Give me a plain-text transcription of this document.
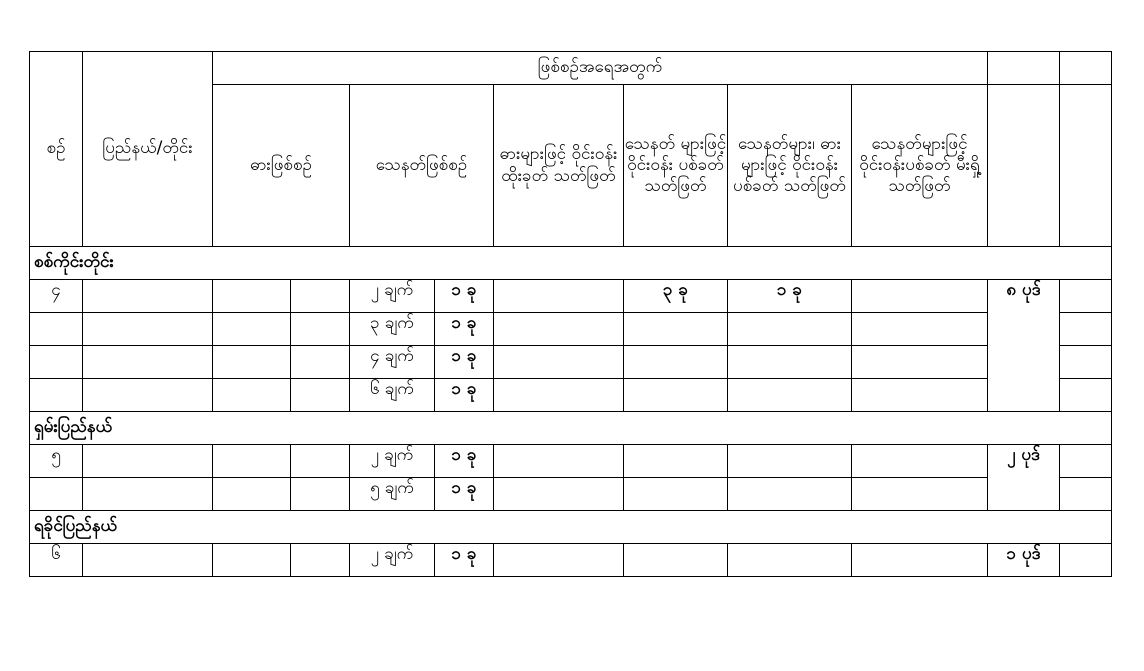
စဉ်	ပြည်နယ်/တိုင်း	ဖြစ်စဉ်အရေအတွက်									
		ဓားဖြစ်စဉ်		သေနတ်ဖြစ်စဉ်		ဓားများဖြင့် ဝိုင်းဝန်း ထိုးခုတ် သတ်ဖြတ်	သေနတ် များဖြင့် ဝိုင်းဝန်း ပစ်ခတ် သတ်ဖြတ်	သေနတ်များ၊ ဓားများဖြင့် ဝိုင်းဝန်း ပစ်ခတ် သတ်ဖြတ်	သေနတ်များဖြင့် ဝိုင်းဝန်းပစ်ခတ် မီးရှို့ သတ်ဖြတ်		
စစ်ကိုင်းတိုင်း											
၄				၂ ချက်	၁ ခု		၃ ခု	၁ ခု		၈ ပုဒ်	
				၃ ချက်	၁ ခု						
				၄ ချက်	၁ ခု						
				၆ ချက်	၁ ခု						
ရှမ်းပြည်နယ်											
၅				၂ ချက်	၁ ခု					၂ ပုဒ်	
				၅ ချက်	၁ ခု						
ရခိုင်ပြည်နယ်											
၆				၂ ချက်	၁ ခု					၁ ပုဒ်	
